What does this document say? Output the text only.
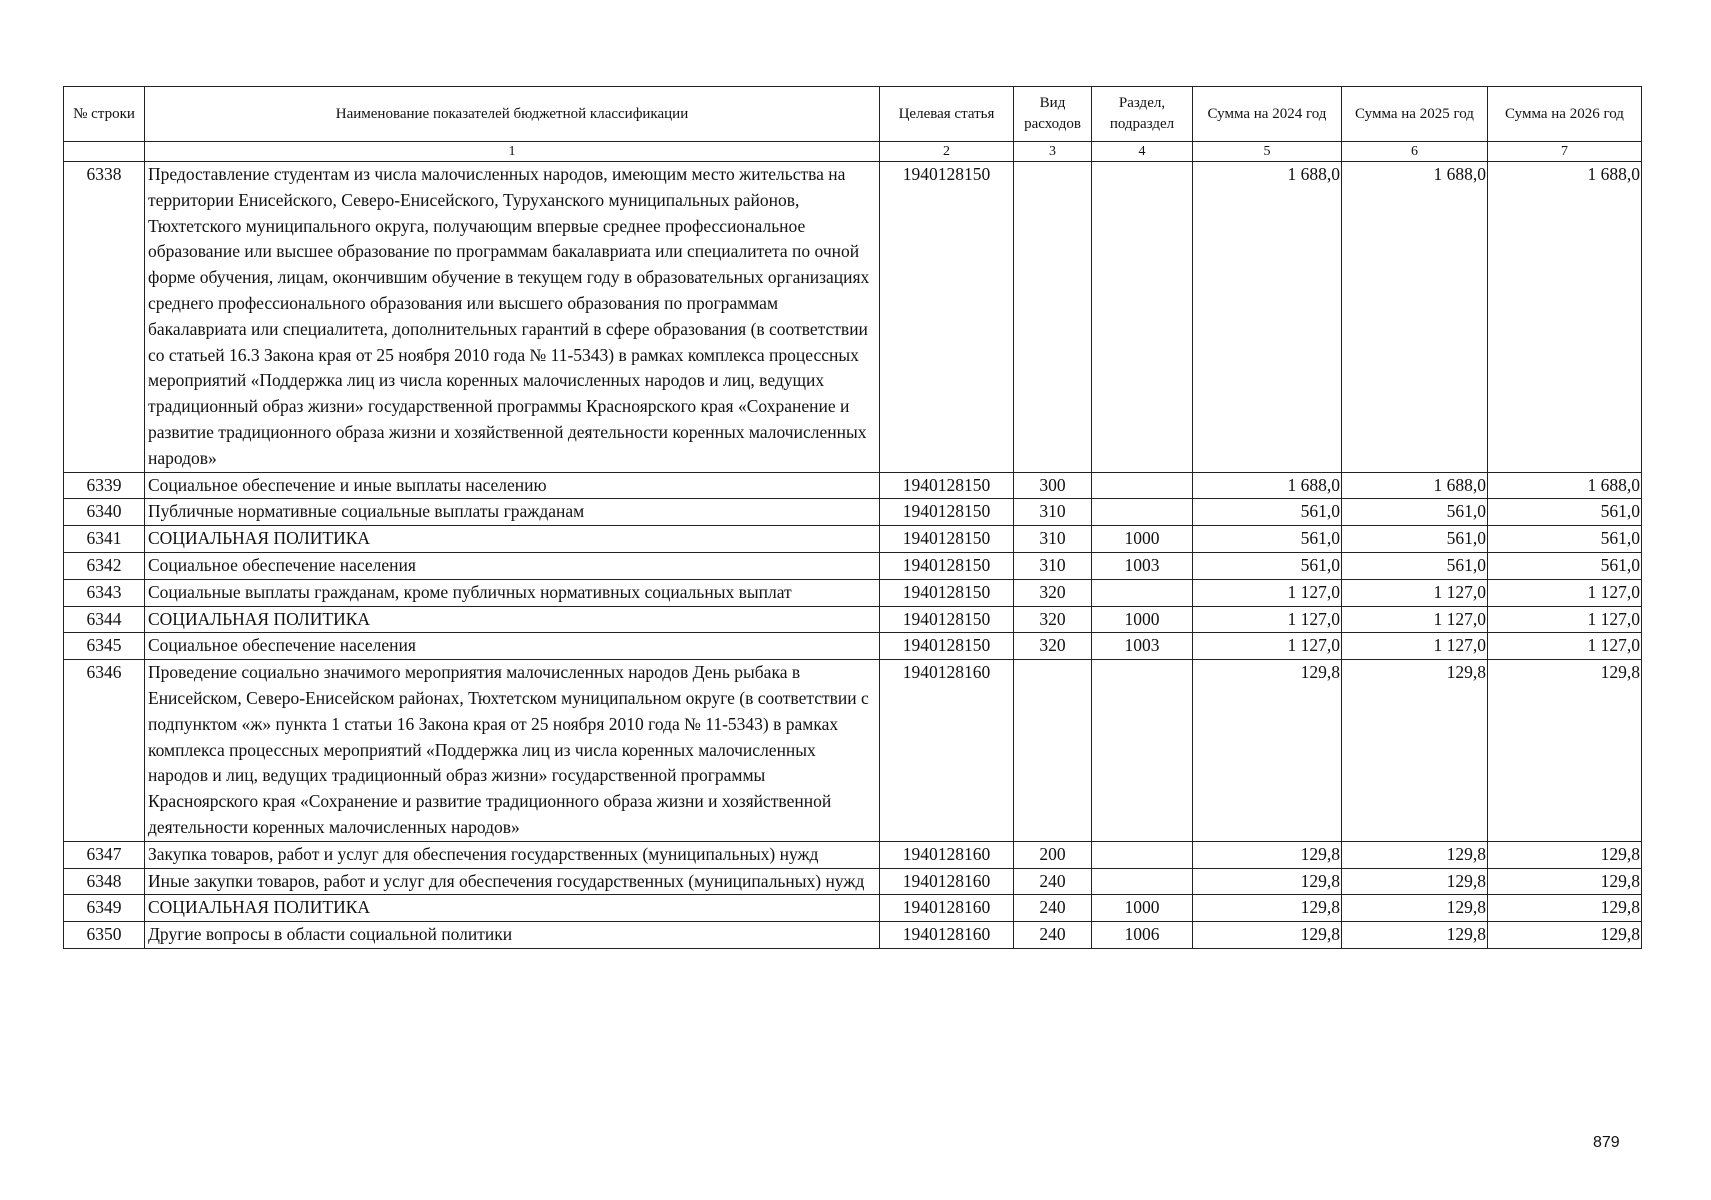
№ строки	Наименование показателей бюджетной классификации	Целевая статья	Вид расходов	Раздел, подраздел	Сумма на 2024 год	Сумма на 2025 год	Сумма на 2026 год
	1	2	3	4	5	6	7
6338	Предоставление студентам из числа малочисленных народов, имеющим место жительства на территории Енисейского, Северо-Енисейского, Туруханского муниципальных районов, Тюхтетского муниципального округа, получающим впервые среднее профессиональное образование или высшее образование по программам бакалавриата или специалитета по очной форме обучения, лицам, окончившим обучение в текущем году в образовательных организациях среднего профессионального образования или высшего образования по программам бакалавриата или специалитета, дополнительных гарантий в сфере образования (в соответствии со статьей 16.3 Закона края от 25 ноября 2010 года № 11-5343) в рамках комплекса процессных мероприятий «Поддержка лиц из числа коренных малочисленных народов и лиц, ведущих традиционный образ жизни» государственной программы Красноярского края «Сохранение и развитие традиционного образа жизни и хозяйственной деятельности коренных малочисленных народов»	1940128150			1 688,0	1 688,0	1 688,0
6339	Социальное обеспечение и иные выплаты населению	1940128150	300		1 688,0	1 688,0	1 688,0
6340	Публичные нормативные социальные выплаты гражданам	1940128150	310		561,0	561,0	561,0
6341	СОЦИАЛЬНАЯ ПОЛИТИКА	1940128150	310	1000	561,0	561,0	561,0
6342	Социальное обеспечение населения	1940128150	310	1003	561,0	561,0	561,0
6343	Социальные выплаты гражданам, кроме публичных нормативных социальных выплат	1940128150	320		1 127,0	1 127,0	1 127,0
6344	СОЦИАЛЬНАЯ ПОЛИТИКА	1940128150	320	1000	1 127,0	1 127,0	1 127,0
6345	Социальное обеспечение населения	1940128150	320	1003	1 127,0	1 127,0	1 127,0
6346	Проведение социально значимого мероприятия малочисленных народов День рыбака в Енисейском, Северо-Енисейском районах, Тюхтетском муниципальном округе (в соответствии с подпунктом «ж» пункта 1 статьи 16 Закона края от 25 ноября 2010 года № 11-5343) в рамках комплекса процессных мероприятий «Поддержка лиц из числа коренных малочисленных народов и лиц, ведущих традиционный образ жизни» государственной программы Красноярского края «Сохранение и развитие традиционного образа жизни и хозяйственной деятельности коренных малочисленных народов»	1940128160			129,8	129,8	129,8
6347	Закупка товаров, работ и услуг для обеспечения государственных (муниципальных) нужд	1940128160	200		129,8	129,8	129,8
6348	Иные закупки товаров, работ и услуг для обеспечения государственных (муниципальных) нужд	1940128160	240		129,8	129,8	129,8
6349	СОЦИАЛЬНАЯ ПОЛИТИКА	1940128160	240	1000	129,8	129,8	129,8
6350	Другие вопросы в области социальной политики	1940128160	240	1006	129,8	129,8	129,8
879
